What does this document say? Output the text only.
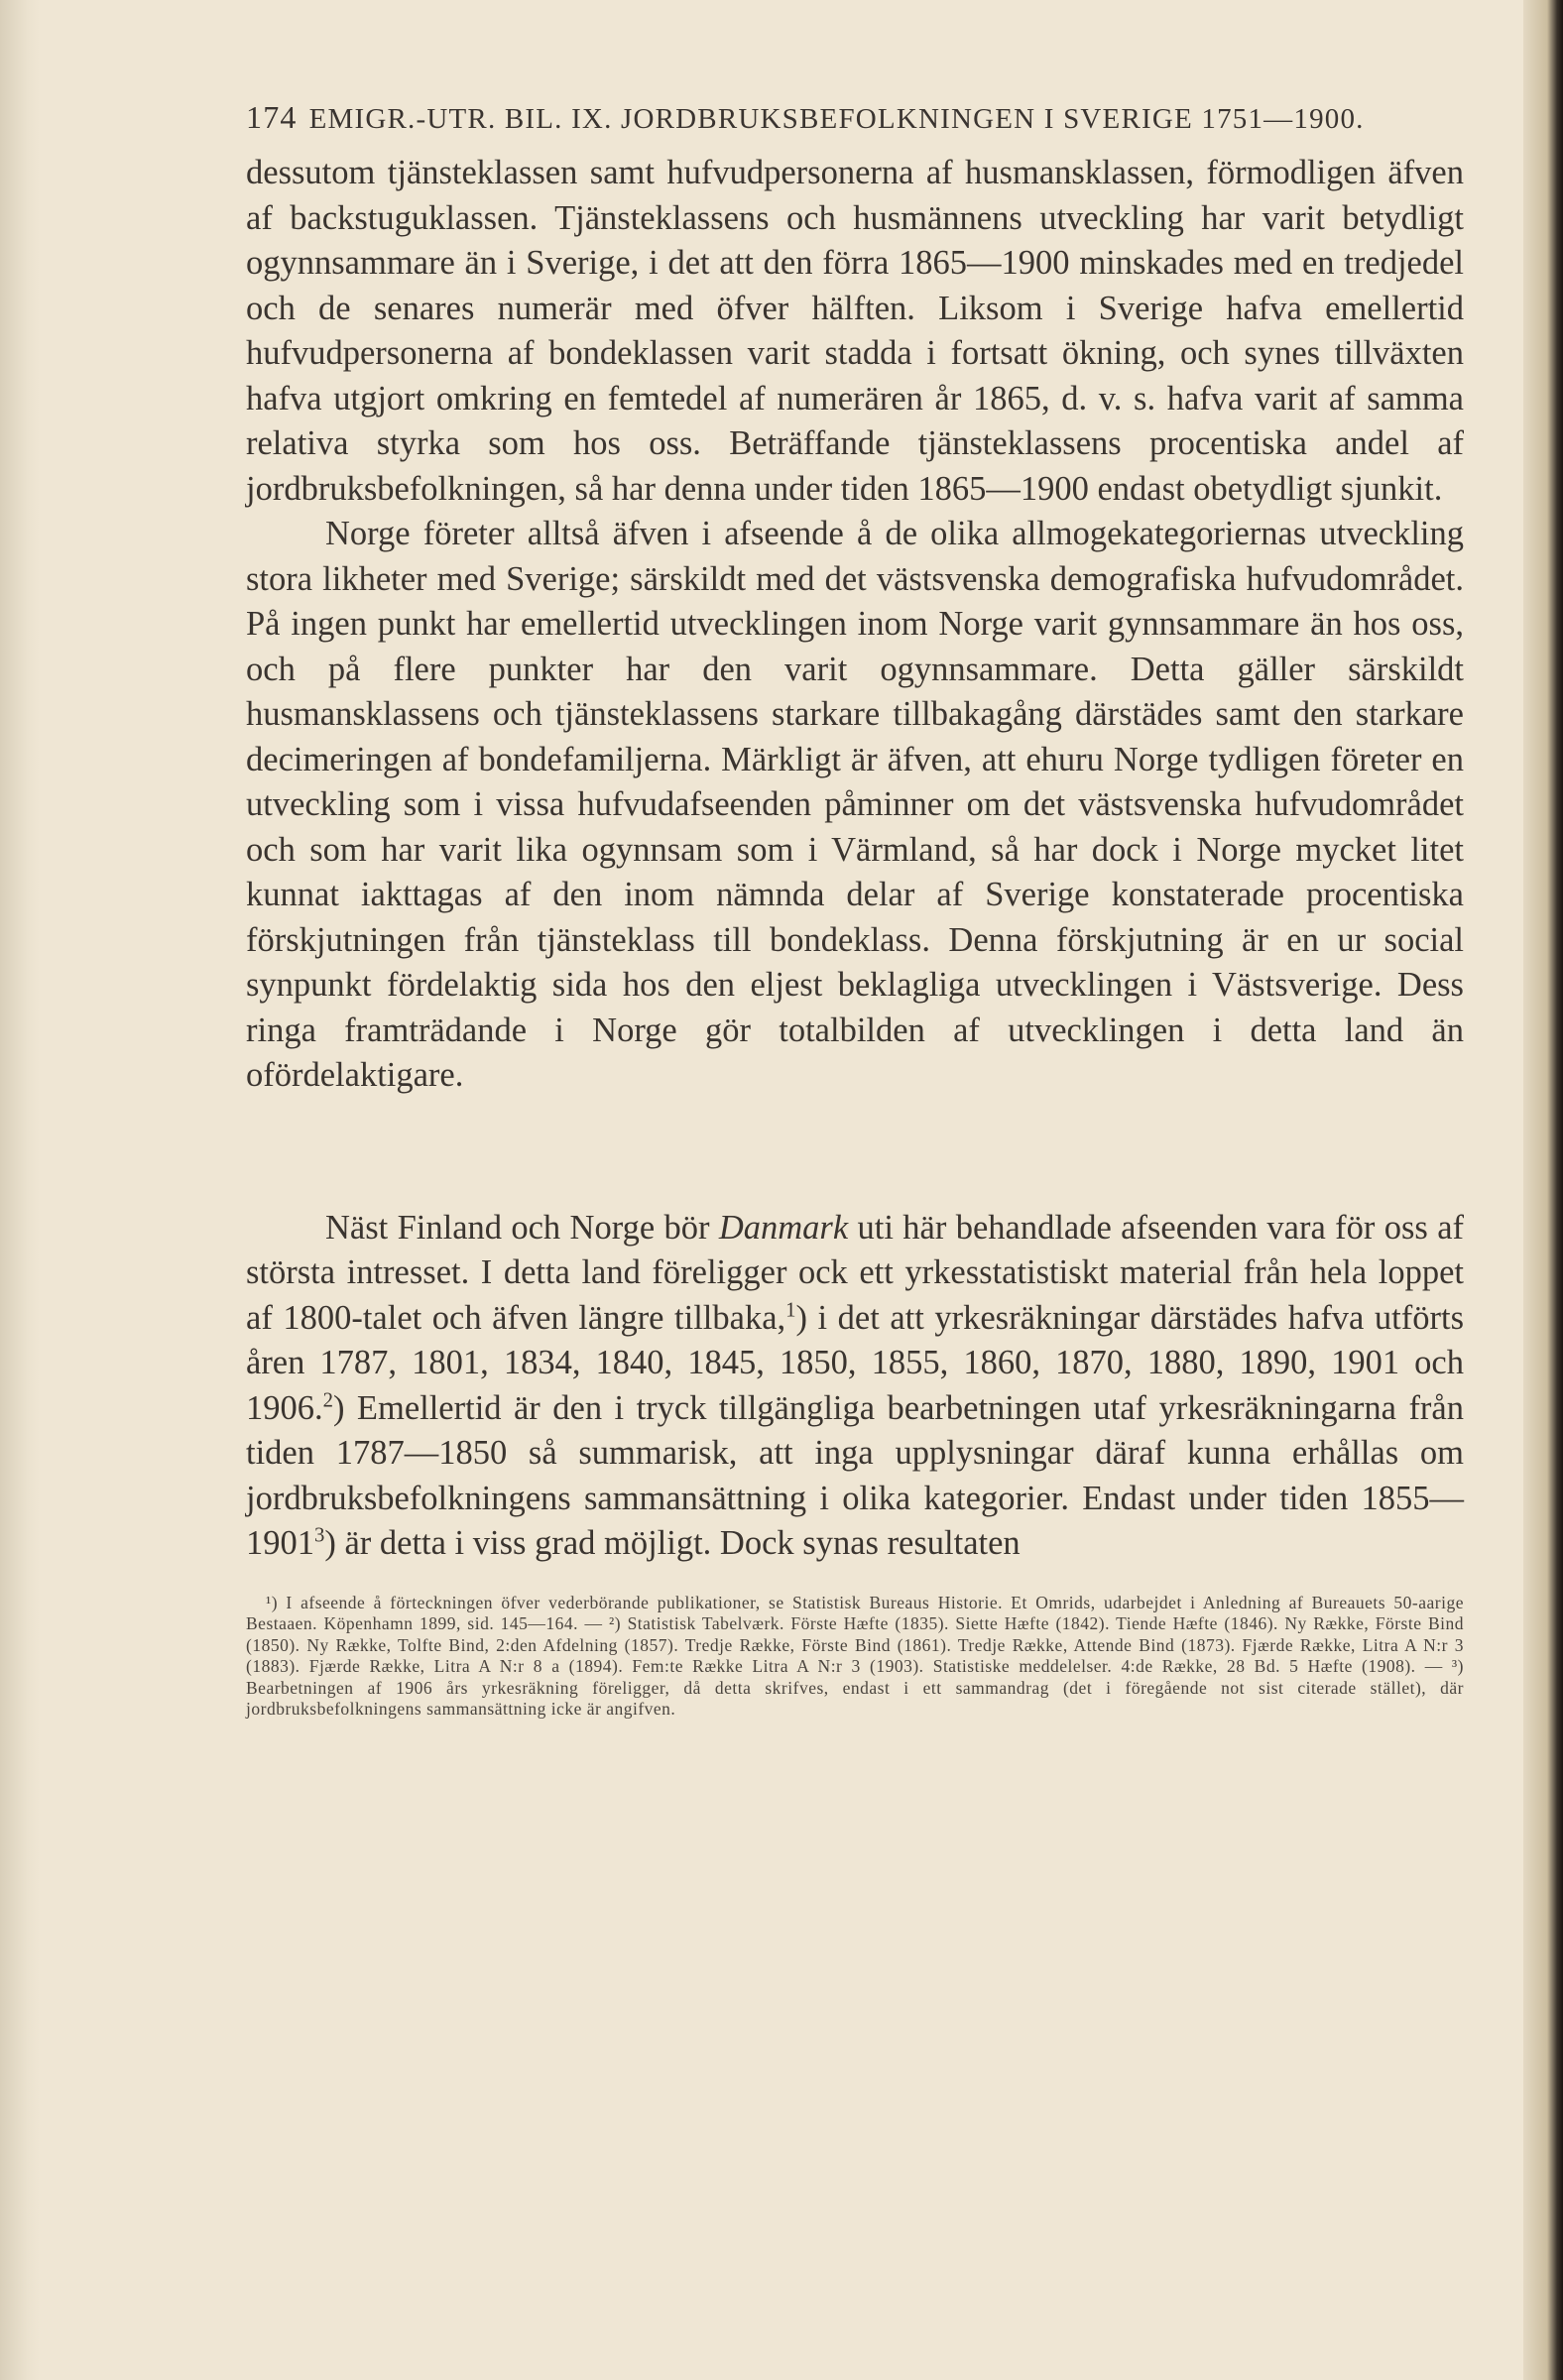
174 EMIGR.-UTR. BIL. IX. JORDBRUKSBEFOLKNINGEN I SVERIGE 1751—1900.

dessutom tjänsteklassen samt hufvudpersonerna af husmansklassen, förmodligen äfven af backstuguklassen. Tjänsteklassens och husmännens utveckling har varit betydligt ogynnsammare än i Sverige, i det att den förra 1865—1900 minskades med en tredjedel och de senares numerär med öfver hälften. Liksom i Sverige hafva emellertid hufvudpersonerna af bondeklassen varit stadda i fortsatt ökning, och synes tillväxten hafva utgjort omkring en femtedel af numerären år 1865, d. v. s. hafva varit af samma relativa styrka som hos oss. Beträffande tjänsteklassens procentiska andel af jordbruksbefolkningen, så har denna under tiden 1865—1900 endast obetydligt sjunkit.

Norge företer alltså äfven i afseende å de olika allmogekategoriernas utveckling stora likheter med Sverige; särskildt med det västsvenska demografiska hufvudområdet. På ingen punkt har emellertid utvecklingen inom Norge varit gynnsammare än hos oss, och på flere punkter har den varit ogynnsammare. Detta gäller särskildt husmansklassens och tjänsteklassens starkare tillbakagång därstädes samt den starkare decimeringen af bondefamiljerna. Märkligt är äfven, att ehuru Norge tydligen företer en utveckling som i vissa hufvudafseenden påminner om det västsvenska hufvudområdet och som har varit lika ogynnsam som i Värmland, så har dock i Norge mycket litet kunnat iakttagas af den inom nämnda delar af Sverige konstaterade procentiska förskjutningen från tjänsteklass till bondeklass. Denna förskjutning är en ur social synpunkt fördelaktig sida hos den eljest beklagliga utvecklingen i Västsverige. Dess ringa framträdande i Norge gör totalbilden af utvecklingen i detta land än ofördelaktigare.

Näst Finland och Norge bör Danmark uti här behandlade afseenden vara för oss af största intresset. I detta land föreligger ock ett yrkesstatistiskt material från hela loppet af 1800-talet och äfven längre tillbaka,$^1$) i det att yrkesräkningar därstädes hafva utförts åren 1787, 1801, 1834, 1840, 1845, 1850, 1855, 1860, 1870, 1880, 1890, 1901 och 1906.$^2$) Emellertid är den i tryck tillgängliga bearbetningen utaf yrkesräkningarna från tiden 1787—1850 så summarisk, att inga upplysningar däraf kunna erhållas om jordbruksbefolkningens sammansättning i olika kategorier. Endast under tiden 1855—1901$^3$) är detta i viss grad möjligt. Dock synas resultaten

¹) I afseende å förteckningen öfver vederbörande publikationer, se Statistisk Bureaus Historie. Et Omrids, udarbejdet i Anledning af Bureauets 50-aarige Bestaaen. Köpenhamn 1899, sid. 145—164. — ²) Statistisk Tabelværk. Förste Hæfte (1835). Siette Hæfte (1842). Tiende Hæfte (1846). Ny Række, Förste Bind (1850). Ny Række, Tolfte Bind, 2:den Afdelning (1857). Tredje Række, Förste Bind (1861). Tredje Række, Attende Bind (1873). Fjærde Række, Litra A N:r 3 (1883). Fjærde Række, Litra A N:r 8 a (1894). Fem:te Række Litra A N:r 3 (1903). Statistiske meddelelser. 4:de Række, 28 Bd. 5 Hæfte (1908). — ³) Bearbetningen af 1906 års yrkesräkning föreligger, då detta skrifves, endast i ett sammandrag (det i föregående not sist citerade stället), där jordbruksbefolkningens sammansättning icke är angifven.
